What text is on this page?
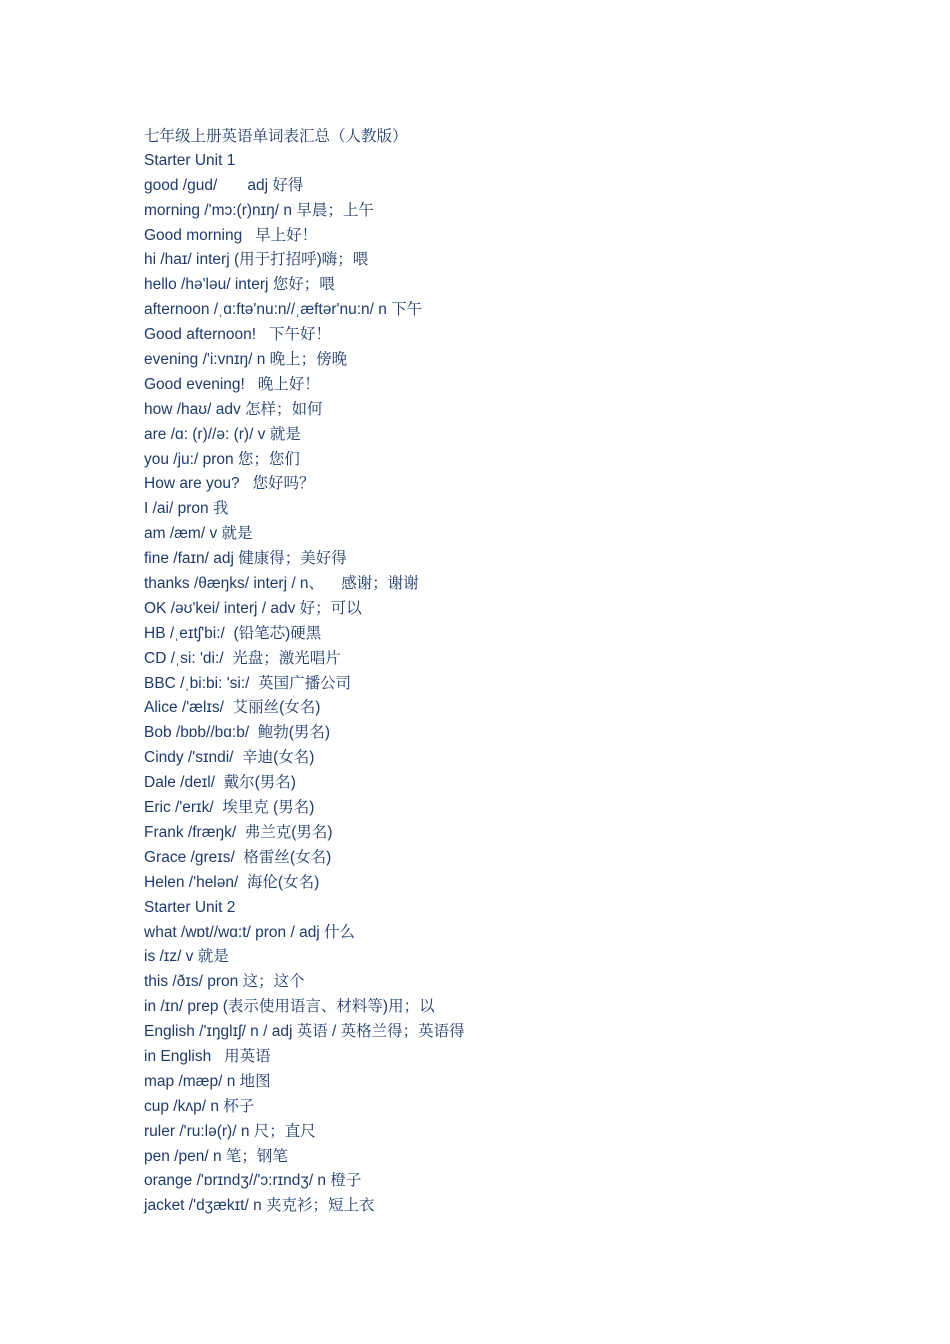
七年级上册英语单词表汇总（人教版）
Starter Unit 1
good /gud/       adj 好得
morning /'mɔ:(r)nɪŋ/ n 早晨；上午
Good morning   早上好！
hi /haɪ/ interj (用于打招呼)嗨；喂
hello /hə'ləu/ interj 您好；喂
afternoon /ˌɑ:ftə'nu:n//ˌæftər'nu:n/ n 下午
Good afternoon!   下午好！
evening /'i:vnɪŋ/ n 晚上；傍晚
Good evening!   晚上好！
how /haʊ/ adv 怎样；如何
are /ɑ: (r)//ə: (r)/ v 就是
you /ju:/ pron 您；您们
How are you?   您好吗？
I /ai/ pron 我
am /æm/ v 就是
fine /faɪn/ adj 健康得；美好得
thanks /θæŋks/ interj / n、    感谢；谢谢
OK /əʊ'kei/ interj / adv 好；可以
HB /ˌeɪtʃ'bi:/  (铅笔芯)硬黑
CD /ˌsi: 'di:/  光盘；激光唱片
BBC /ˌbi:bi: 'si:/  英国广播公司
Alice /'ælɪs/  艾丽丝(女名)
Bob /bɒb//bɑ:b/  鲍勃(男名)
Cindy /'sɪndi/  辛迪(女名)
Dale /deɪl/  戴尔(男名)
Eric /'erɪk/  埃里克 (男名)
Frank /fræŋk/  弗兰克(男名)
Grace /greɪs/  格雷丝(女名)
Helen /'helən/  海伦(女名)
Starter Unit 2
what /wɒt//wɑ:t/ pron / adj 什么
is /ɪz/ v 就是
this /ðɪs/ pron 这；这个
in /ɪn/ prep (表示使用语言、材料等)用；以
English /'ɪŋglɪʃ/ n / adj 英语 / 英格兰得；英语得
in English   用英语
map /mæp/ n 地图
cup /kʌp/ n 杯子
ruler /'ru:lə(r)/ n 尺；直尺
pen /pen/ n 笔；钢笔
orange /'ɒrɪndʒ//'ɔ:rɪndʒ/ n 橙子
jacket /'dʒækɪt/ n 夹克衫；短上衣
